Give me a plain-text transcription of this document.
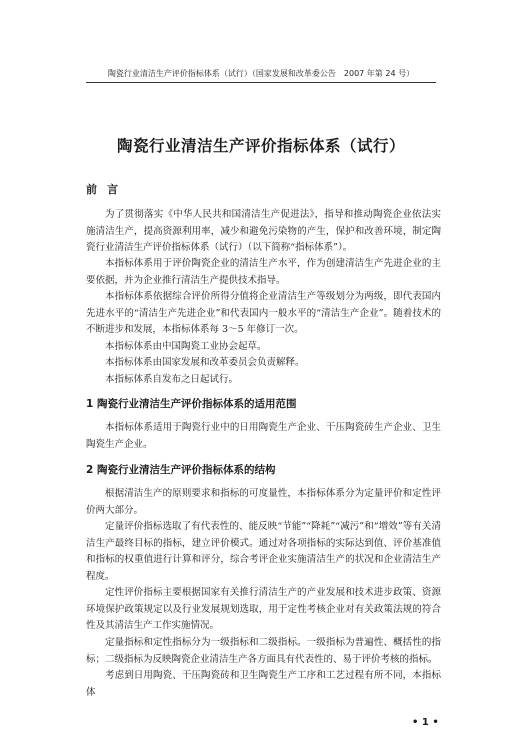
陶瓷行业清洁生产评价指标体系（试行）（国家发展和改革委公告　2007 年第 24 号）
陶瓷行业清洁生产评价指标体系（试行）
前言

为了贯彻落实《中华人民共和国清洁生产促进法》，指导和推动陶瓷企业依法实施清洁生产，提高资源利用率，减少和避免污染物的产生，保护和改善环境，制定陶瓷行业清洁生产评价指标体系（试行）（以下简称“指标体系”）。

本指标体系用于评价陶瓷企业的清洁生产水平，作为创建清洁生产先进企业的主要依据，并为企业推行清洁生产提供技术指导。

本指标体系依据综合评价所得分值将企业清洁生产等级划分为两级，即代表国内先进水平的“清洁生产先进企业”和代表国内一般水平的“清洁生产企业”。随着技术的不断进步和发展，本指标体系每 3～5 年修订一次。

本指标体系由中国陶瓷工业协会起草。

本指标体系由国家发展和改革委员会负责解释。

本指标体系自发布之日起试行。

1 陶瓷行业清洁生产评价指标体系的适用范围

本指标体系适用于陶瓷行业中的日用陶瓷生产企业、干压陶瓷砖生产企业、卫生陶瓷生产企业。

2 陶瓷行业清洁生产评价指标体系的结构

根据清洁生产的原则要求和指标的可度量性，本指标体系分为定量评价和定性评价两大部分。

定量评价指标选取了有代表性的、能反映“节能”“降耗”“减污”和“增效”等有关清洁生产最终目标的指标，建立评价模式。通过对各项指标的实际达到值、评价基准值和指标的权重值进行计算和评分，综合考评企业实施清洁生产的状况和企业清洁生产程度。

定性评价指标主要根据国家有关推行清洁生产的产业发展和技术进步政策、资源环境保护政策规定以及行业发展规划选取，用于定性考核企业对有关政策法规的符合性及其清洁生产工作实施情况。

定量指标和定性指标分为一级指标和二级指标。一级指标为普遍性、概括性的指标；二级指标为反映陶瓷企业清洁生产各方面具有代表性的、易于评价考核的指标。

考虑到日用陶瓷、干压陶瓷砖和卫生陶瓷生产工序和工艺过程有所不同，本指标体

• 1 •
